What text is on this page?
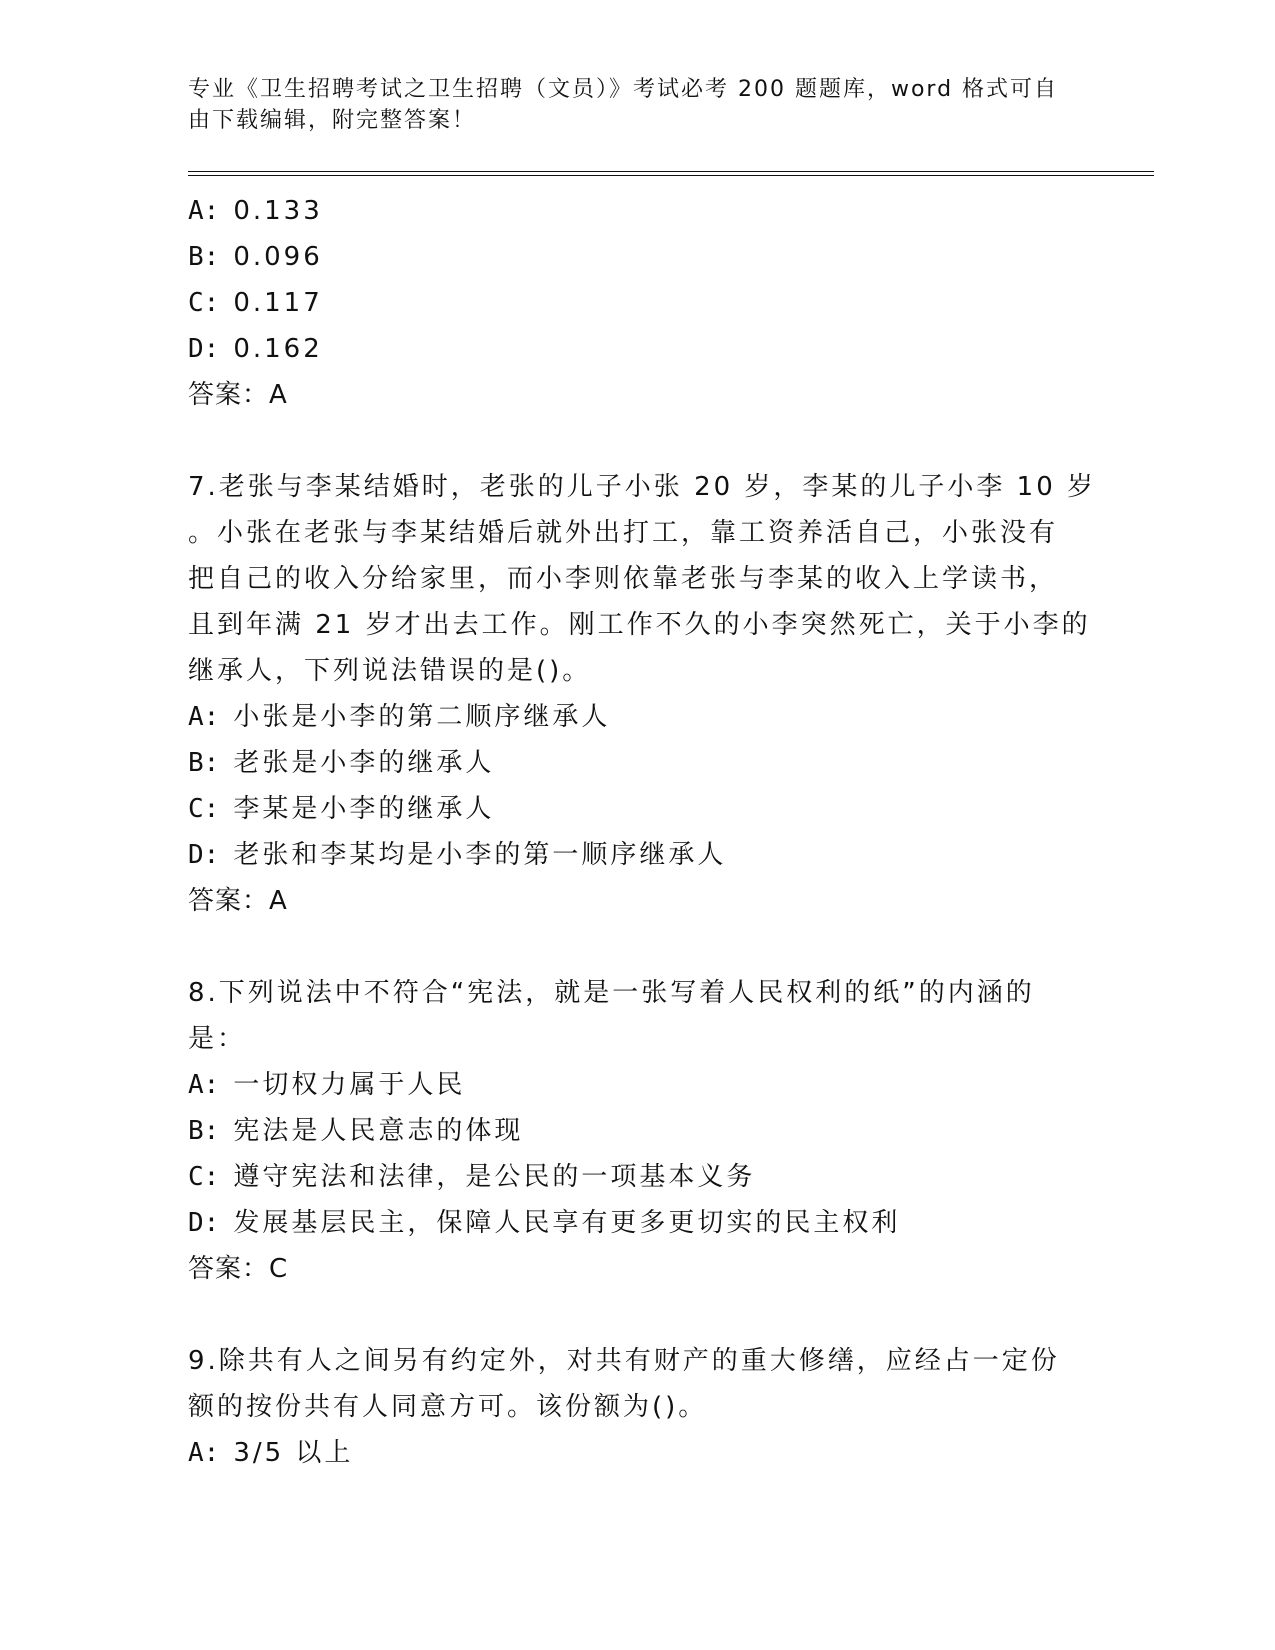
专业《卫生招聘考试之卫生招聘（文员）》考试必考 200 题题库，word 格式可自
由下载编辑，附完整答案！
A: 0.133
B: 0.096
C: 0.117
D: 0.162
答案：A
7.老张与李某结婚时，老张的儿子小张 20 岁，李某的儿子小李 10 岁
。小张在老张与李某结婚后就外出打工，靠工资养活自己，小张没有
把自己的收入分给家里，而小李则依靠老张与李某的收入上学读书，
且到年满 21 岁才出去工作。刚工作不久的小李突然死亡，关于小李的
继承人，下列说法错误的是()。
A: 小张是小李的第二顺序继承人
B: 老张是小李的继承人
C: 李某是小李的继承人
D: 老张和李某均是小李的第一顺序继承人
答案：A
8.下列说法中不符合“宪法，就是一张写着人民权利的纸”的内涵的
是：
A: 一切权力属于人民
B: 宪法是人民意志的体现
C: 遵守宪法和法律，是公民的一项基本义务
D: 发展基层民主，保障人民享有更多更切实的民主权利
答案：C
9.除共有人之间另有约定外，对共有财产的重大修缮，应经占一定份
额的按份共有人同意方可。该份额为()。
A: 3/5 以上
